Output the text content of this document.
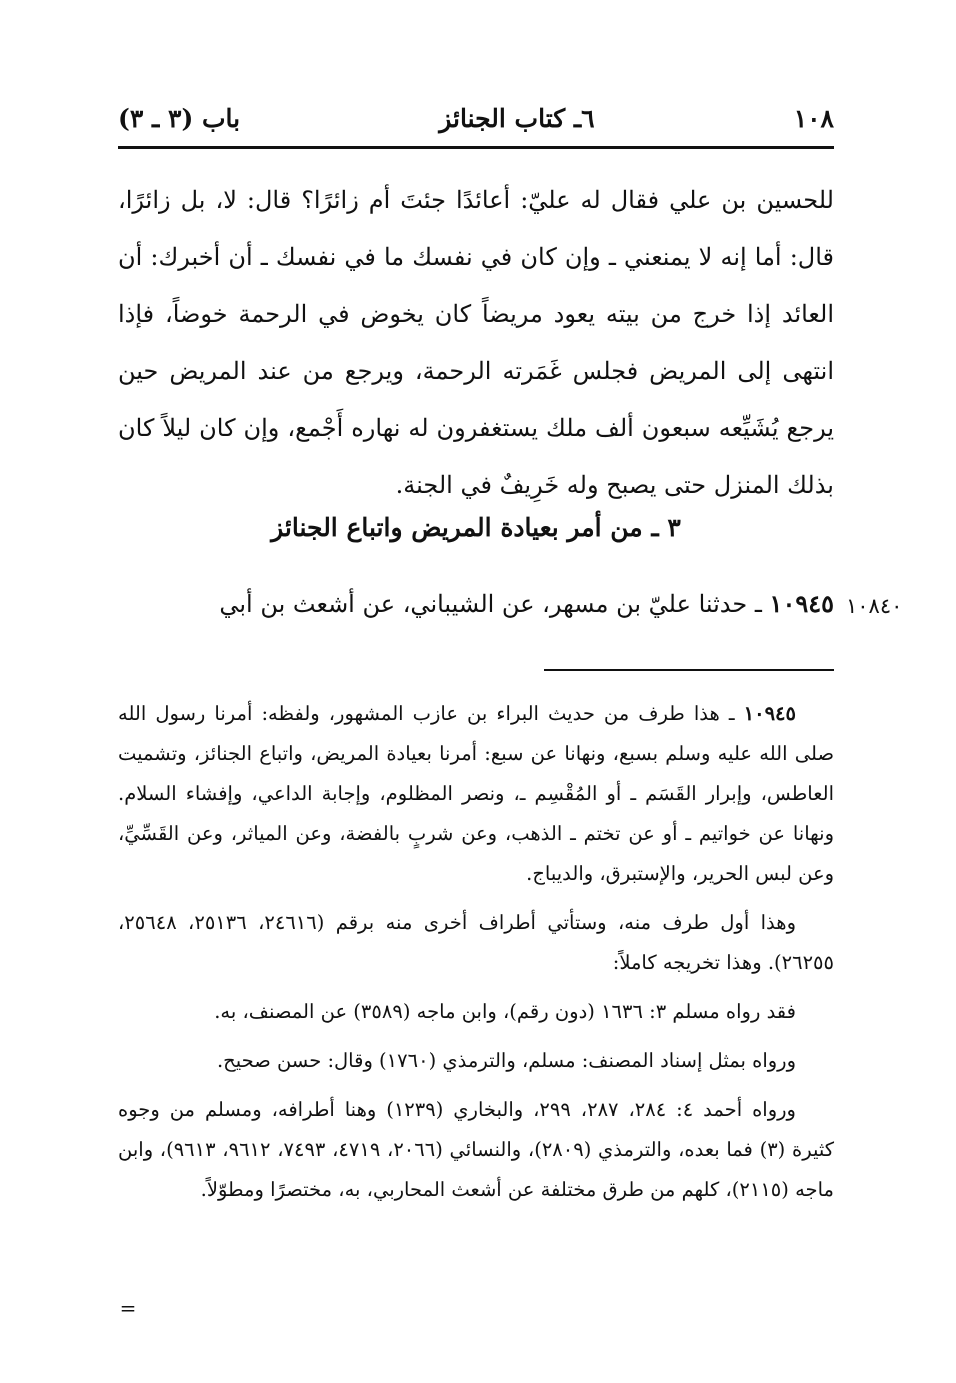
١٠٨
٦ـ كتاب الجنائز
باب (٣ ـ ٣)

للحسين بن علي فقال له عليّ: أعائدًا جئتَ أم زائرًا؟ قال: لا، بل زائرًا، قال: أما إنه لا يمنعني ـ وإن كان في نفسك ما في نفسك ـ أن أخبرك: أن العائد إذا خرج من بيته يعود مريضاً كان يخوض في الرحمة خوضاً، فإذا انتهى إلى المريض فجلس غَمَرته الرحمة، ويرجع من عند المريض حين يرجع يُشَيِّعه سبعون ألف ملك يستغفرون له نهاره أَجْمع، وإن كان ليلاً كان بذلك المنزل حتى يصبح وله خَرِيفٌ في الجنة.

٣ ـ من أمر بعيادة المريض واتباع الجنائز
١٠٩٤٥ ـ حدثنا عليّ بن مسهر، عن الشيباني، عن أشعث بن أبي	١٠٨٤٠

١٠٩٤٥ ـ هذا طرف من حديث البراء بن عازب المشهور، ولفظه: أمرنا رسول الله صلى الله عليه وسلم بسبع، ونهانا عن سبع: أمرنا بعيادة المريض، واتباع الجنائز، وتشميت العاطس، وإبرار القَسَم ـ أو المُقْسِم ـ، ونصر المظلوم، وإجابة الداعي، وإفشاء السلام. ونهانا عن خواتيم ـ أو عن تختم ـ الذهب، وعن شربٍ بالفضة، وعن المياثر، وعن القَسِّيِّ، وعن لبس الحرير، والإستبرق، والديباج.

وهذا أول طرف منه، وستأتي أطراف أخرى منه برقم (٢٤٦١٦، ٢٥١٣٦، ٢٥٦٤٨، ٢٦٢٥٥). وهذا تخريجه كاملاً:

فقد رواه مسلم ٣: ١٦٣٦ (دون رقم)، وابن ماجه (٣٥٨٩) عن المصنف، به.

ورواه بمثل إسناد المصنف: مسلم، والترمذي (١٧٦٠) وقال: حسن صحيح.

ورواه أحمد ٤: ٢٨٤، ٢٨٧، ٢٩٩، والبخاري (١٢٣٩) وهنا أطرافه، ومسلم من وجوه كثيرة (٣) فما بعده، والترمذي (٢٨٠٩)، والنسائي (٢٠٦٦، ٤٧١٩، ٧٤٩٣، ٩٦١٢، ٩٦١٣)، وابن ماجه (٢١١٥)، كلهم من طرق مختلفة عن أشعث المحاربي، به، مختصرًا ومطوّلاً.

=
